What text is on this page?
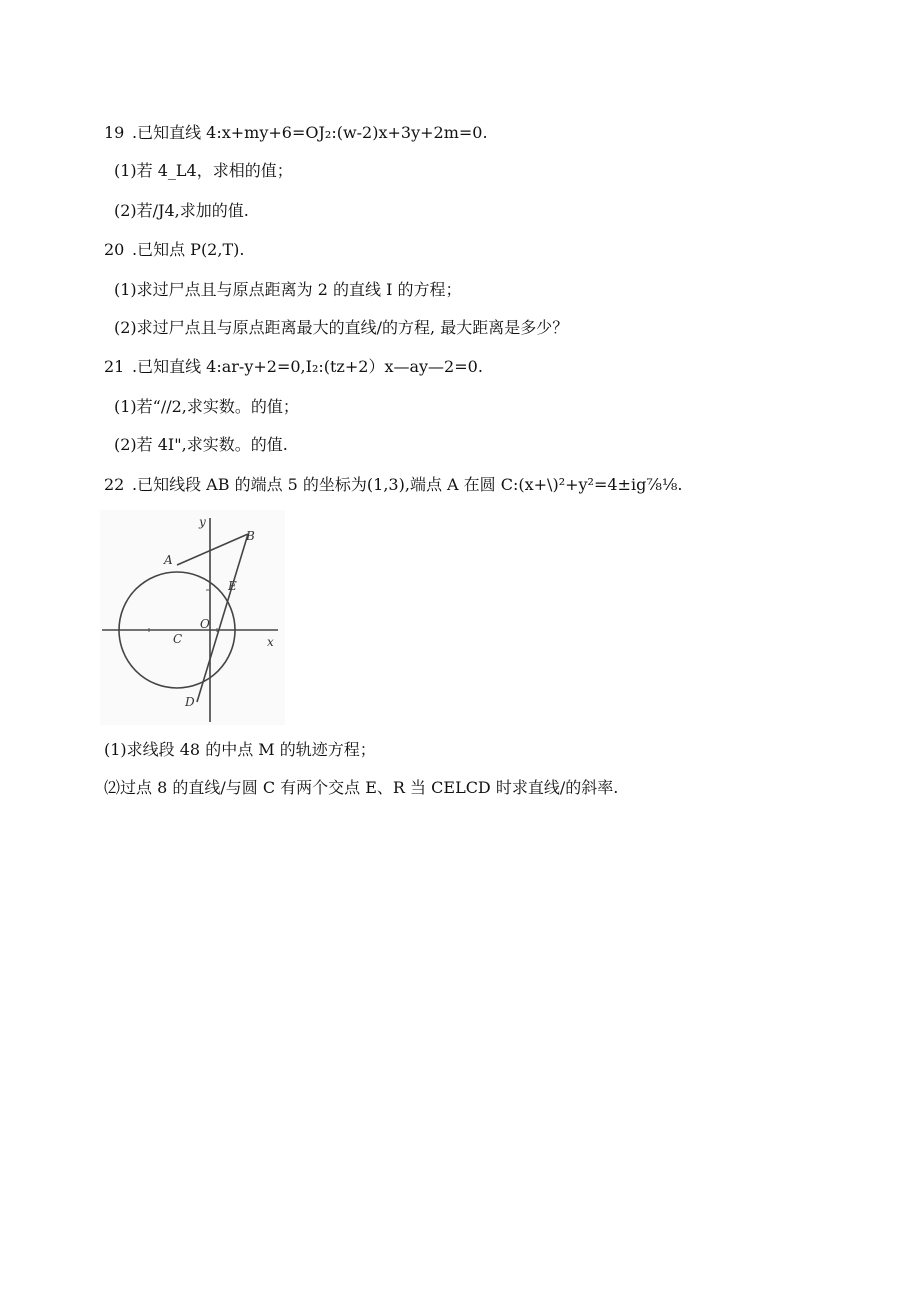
19 .已知直线 4:x+my+6=OJ₂:(w-2)x+3y+2m=0.
(1)若 4_L4，求相的值；
(2)若/J4,求加的值.
20 .已知点 P(2,T).
(1)求过尸点且与原点距离为 2 的直线 I 的方程；
(2)求过尸点且与原点距离最大的直线/的方程, 最大距离是多少？
21 .已知直线 4:ar-y+2=0,I₂:(tz+2）x—ay—2=0.
(1)若“//2,求实数。的值；
(2)若 4I",求实数。的值.
22 .已知线段 AB 的端点 5 的坐标为(1,3),端点 A 在圆 C:(x+\)²+y²=4±ig⅞⅛.
y
x
A
B
E
O
C
D
(1)求线段 48 的中点 M 的轨迹方程；
⑵过点 8 的直线/与圆 C 有两个交点 E、R 当 CELCD 时求直线/的斜率.
